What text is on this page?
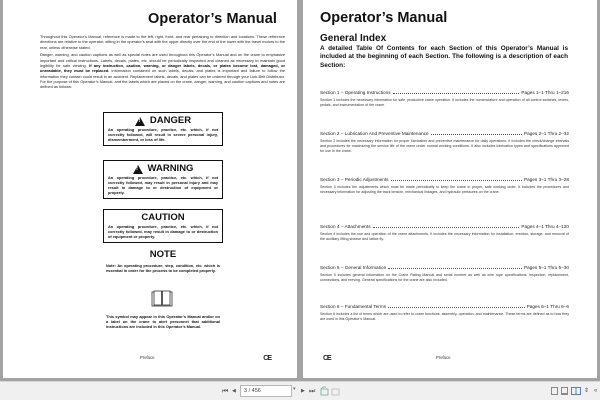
Operator’s Manual

Throughout this Operator’s Manual, reference is made to the left, right, front, and rear pertaining to direction and locations. These reference directions are relative to the operator, sitting in the operator’s seat with the upper directly over the end of the lower with the travel motors to the rear, unless otherwise stated.

Danger, warning, and caution captions as well as special notes are used throughout this Operator’s Manual and on the crane to emphasize important and critical instructions. Labels, decals, plates, etc. should be periodically inspected and cleaned as necessary to maintain good legibility for safe viewing. If any instruction, caution, warning, or danger labels, decals, or plates become lost, damaged, or unreadable, they must be replaced. Information contained on such labels, decals, and plates is important and failure to follow the information they contain could result in an accident. Replacement labels, decals, and plates can be ordered through your Link-Belt Distributor. For the purpose of this Operator’s Manual, and the labels which are placed on the crane, danger, warning, and caution captions and notes are defined as follows:

!
DANGER
An operating procedure, practice, etc. which, if not correctly followed, will result in severe personal injury, dismemberment, or loss of life.
!
WARNING
An operating procedure, practice, etc. which, if not correctly followed, may result in personal injury and may result in damage to or destruction of equipment or property.
CAUTION
An operating procedure, practice, etc. which, if not correctly followed, may result in damage to or destruction of equipment or property.
NOTE
Note: An operating procedure, step, condition, etc. which is essential in order for the process to be completed properly.
This symbol may appear in this Operator’s Manual and/or on a label on the crane to alert personnel that additional instructions are included in this Operator’s Manual.
Preface	CE
Operator’s Manual
General Index
A detailed Table Of Contents for each Section of this Operator’s Manual is included at the beginning of each Section. The following is a description of each Section:
Section 1 – Operating Instructions	Pages 1–1 Thru 1–216
Section 1 includes the necessary information for safe, productive crane operation. It includes the nomenclature and operation of all control switches, levers, pedals, and instrumentation of the crane.
Section 2 – Lubrication And Preventive Maintenance	Pages 2–1 Thru 2–32
Section 2 includes the necessary information for proper lubrication and preventive maintenance for daily operations. It includes the check/change intervals and procedures for maximizing the service life of the crane under normal working conditions. It also includes lubrication types and specifications approved for use in the crane.
Section 3 – Periodic Adjustments	Pages 3–1 Thru 3–28
Section 3 includes the adjustments which must be made periodically to keep the crane in proper, safe working order. It includes the procedures and necessary information for adjusting the track tension, mechanical linkages, and hydraulic pressures on the crane.
Section 4 – Attachments	Pages 4–1 Thru 4–120
Section 4 includes the use and operation of the crane attachments. It includes the necessary information for installation, erection, storage, and removal of the auxiliary lifting sheave and lattice fly.
Section 5 – General Information	Pages 5–1 Thru 5–30
Section 5 includes general information on the Crane Rating Manual and serial number as well as wire rope specifications, inspection, replacement, connections, and reeving. General specifications for the crane are also included.
Section 6 – Fundamental Terms	Pages 6–1 Thru 6–6
Section 6 includes a list of terms which are used to refer to crane functions, assembly, operation, and maintenance. These terms are defined as to how they are used in this Operator’s Manual.
CE	Preface
⏮ ◀	3 / 456	▾ ▶ ⏭	⇕ «
